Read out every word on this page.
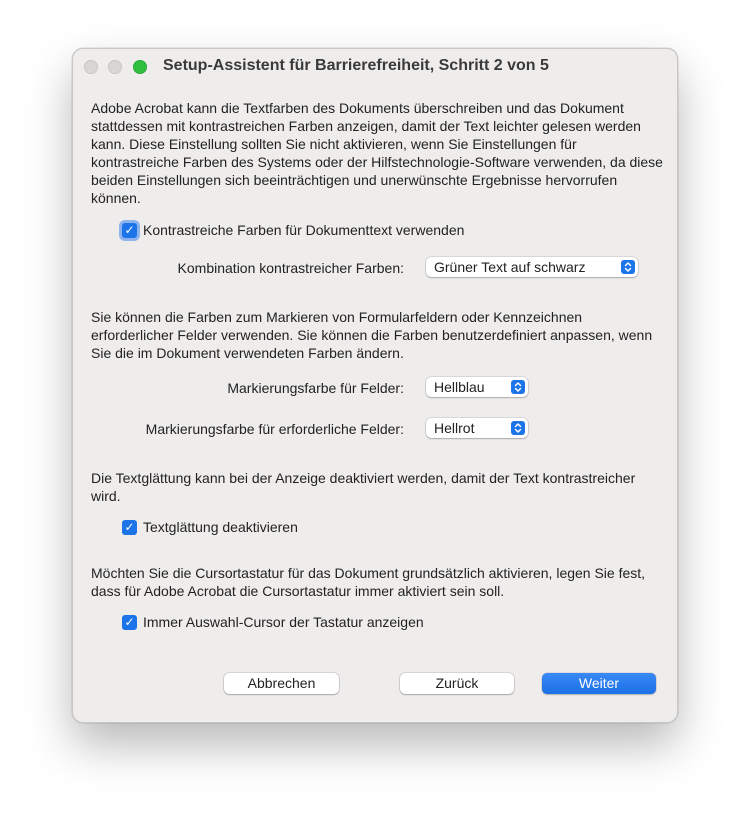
Setup-Assistent für Barrierefreiheit, Schritt 2 von 5

Adobe Acrobat kann die Textfarben des Dokuments überschreiben und das Dokument stattdessen mit kontrastreichen Farben anzeigen, damit der Text leichter gelesen werden kann. Diese Einstellung sollten Sie nicht aktivieren, wenn Sie Einstellungen für kontrastreiche Farben des Systems oder der Hilfstechnologie-Software verwenden, da diese beiden Einstellungen sich beeinträchtigen und unerwünschte Ergebnisse hervorrufen können.

✓ Kontrastreiche Farben für Dokumenttext verwenden
Kombination kontrastreicher Farben:	Grüner Text auf schwarz

Sie können die Farben zum Markieren von Formularfeldern oder Kennzeichnen erforderlicher Felder verwenden. Sie können die Farben benutzerdefiniert anpassen, wenn Sie die im Dokument verwendeten Farben ändern.

Markierungsfarbe für Felder:	Hellblau
Markierungsfarbe für erforderliche Felder:	Hellrot

Die Textglättung kann bei der Anzeige deaktiviert werden, damit der Text kontrastreicher wird.

✓ Textglättung deaktivieren

Möchten Sie die Cursortastatur für das Dokument grundsätzlich aktivieren, legen Sie fest, dass für Adobe Acrobat die Cursortastatur immer aktiviert sein soll.

✓ Immer Auswahl-Cursor der Tastatur anzeigen
Abbrechen	Zurück	Weiter
